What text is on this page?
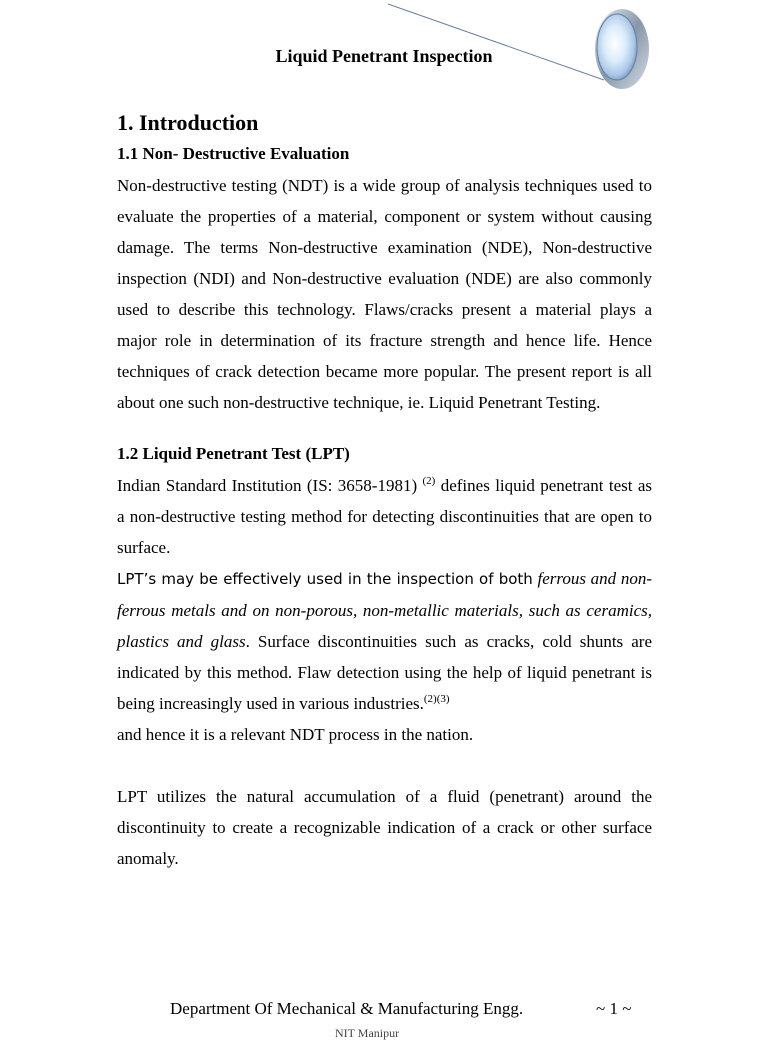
Liquid Penetrant Inspection
1. Introduction
1.1 Non- Destructive Evaluation

Non-destructive testing (NDT) is a wide group of analysis techniques used to evaluate the properties of a material, component or system without causing damage. The terms Non-destructive examination (NDE), Non-destructive inspection (NDI) and Non-destructive evaluation (NDE) are also commonly used to describe this technology. Flaws/cracks present a material plays a major role in determination of its fracture strength and hence life. Hence techniques of crack detection became more popular. The present report is all about one such non-destructive technique, ie. Liquid Penetrant Testing.

1.2 Liquid Penetrant Test (LPT)

Indian Standard Institution (IS: 3658-1981) $^{(2)}$ defines liquid penetrant test as a non-destructive testing method for detecting discontinuities that are open to surface.

LPT’s may be effectively used in the inspection of both ferrous and non-ferrous metals and on non-porous, non-metallic materials, such as ceramics, plastics and glass. Surface discontinuities such as cracks, cold shunts are indicated by this method. Flaw detection using the help of liquid penetrant is being increasingly used in various industries.$^{(2)(3)}$

and hence it is a relevant NDT process in the nation.

LPT utilizes the natural accumulation of a fluid (penetrant) around the discontinuity to create a recognizable indication of a crack or other surface anomaly.

Department Of Mechanical & Manufacturing Engg.	~ 1 ~
NIT Manipur
